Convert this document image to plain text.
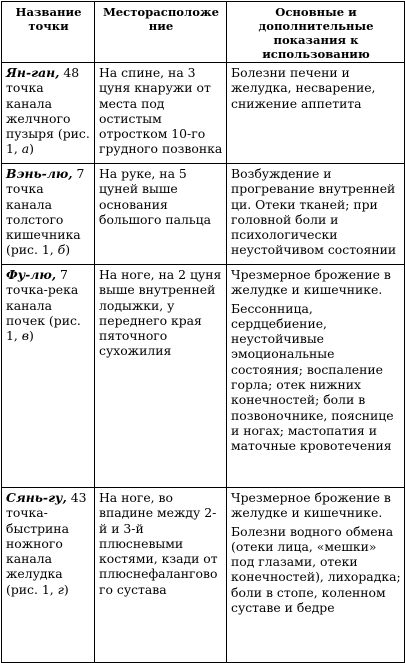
Название точки	Месторасположение	Основные и дополнительные показания к использованию
Ян-ган, 48 точка канала желчного пузыря (рис. 1, а)	На спине, на 3 цуня кнаружи от места под остистым отростком 10-го грудного позвонка	Болезни печени и желудка, несварение, снижение аппетита

Вэнь-лю, 7 точка канала толстого кишечника (рис. 1, б)	На руке, на 5 цуней выше основания большого пальца	Возбуждение и прогревание внутренней ци. Отеки тканей; при головной боли и психологически неустойчивом состоянии

Фу-лю, 7 точка-река канала почек (рис. 1, в)	На ноге, на 2 цуня выше внутренней лодыжки, у переднего края пяточного сухожилия	Чрезмерное брожение в желудке и кишечнике.
Бессонница, сердцебиение, неустойчивые эмоциональные состояния; воспаление горла; отек нижних конечностей; боли в позвоночнике, пояснице и ногах; мастопатия и маточные кровотечения

Сянь-гу, 43 точка-быстрина ножного канала желудка (рис. 1, г)	На ноге, во впадине между 2-й и 3-й плюсневыми костями, кзади от плюснефалангового сустава	Чрезмерное брожение в желудке и кишечнике.
Болезни водного обмена (отеки лица, «мешки» под глазами, отеки конечностей), лихорадка; боли в стопе, коленном суставе и бедре
